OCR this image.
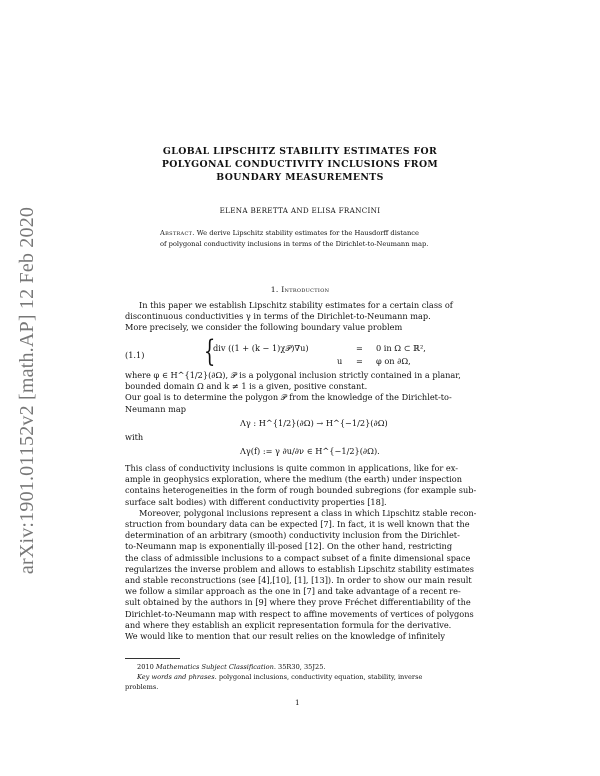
arXiv:1901.01152v2 [math.AP] 12 Feb 2020
GLOBAL LIPSCHITZ STABILITY ESTIMATES FOR
POLYGONAL CONDUCTIVITY INCLUSIONS FROM
BOUNDARY MEASUREMENTS
ELENA BERETTA AND ELISA FRANCINI
Abstract. We derive Lipschitz stability estimates for the Hausdorff distance
of polygonal conductivity inclusions in terms of the Dirichlet-to-Neumann map.
1. Introduction
In this paper we establish Lipschitz stability estimates for a certain class of
discontinuous conductivities γ in terms of the Dirichlet-to-Neumann map.
More precisely, we consider the following boundary value problem
(1.1) {
div ((1 + (k − 1)χ𝒫)∇u)	= 0 in Ω ⊂ ℝ²,
u = φ on ∂Ω,
where φ ∈ H^{1/2}(∂Ω), 𝒫 is a polygonal inclusion strictly contained in a planar,
bounded domain Ω and k ≠ 1 is a given, positive constant.
Our goal is to determine the polygon 𝒫 from the knowledge of the Dirichlet-to-
Neumann map
Λγ : H^{1/2}(∂Ω) → H^{−1/2}(∂Ω)
with
Λγ(f) := γ ∂u/∂ν ∈ H^{−1/2}(∂Ω).
This class of conductivity inclusions is quite common in applications, like for ex-
ample in geophysics exploration, where the medium (the earth) under inspection
contains heterogeneities in the form of rough bounded subregions (for example sub-
surface salt bodies) with different conductivity properties [18].
Moreover, polygonal inclusions represent a class in which Lipschitz stable recon-
struction from boundary data can be expected [7]. In fact, it is well known that the
determination of an arbitrary (smooth) conductivity inclusion from the Dirichlet-
to-Neumann map is exponentially ill-posed [12]. On the other hand, restricting
the class of admissible inclusions to a compact subset of a finite dimensional space
regularizes the inverse problem and allows to establish Lipschitz stability estimates
and stable reconstructions (see [4],[10], [1], [13]). In order to show our main result
we follow a similar approach as the one in [7] and take advantage of a recent re-
sult obtained by the authors in [9] where they prove Fréchet differentiability of the
Dirichlet-to-Neumann map with respect to affine movements of vertices of polygons
and where they establish an explicit representation formula for the derivative.
We would like to mention that our result relies on the knowledge of infinitely
2010 Mathematics Subject Classification. 35R30, 35J25.
Key words and phrases. polygonal inclusions, conductivity equation, stability, inverse
problems.
1
